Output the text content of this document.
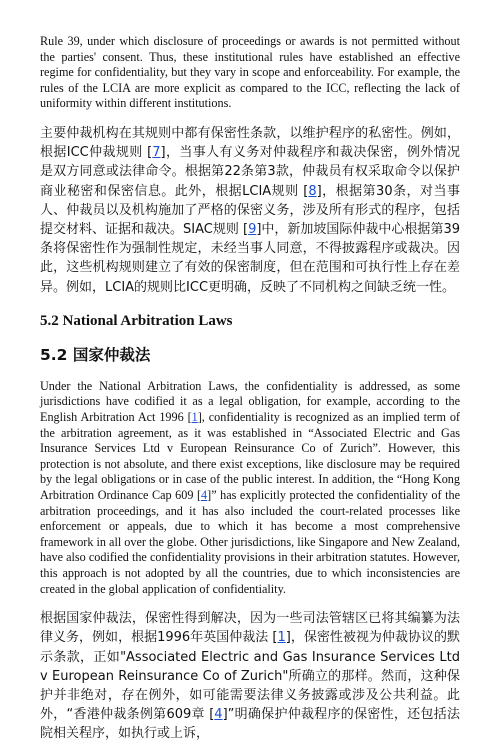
Rule 39, under which disclosure of proceedings or awards is not permitted without the parties' consent. Thus, these institutional rules have established an effective regime for confidentiality, but they vary in scope and enforceability. For example, the rules of the LCIA are more explicit as compared to the ICC, reflecting the lack of uniformity within different institutions.

主要仲裁机构在其规则中都有保密性条款，以维护程序的私密性。例如，根据ICC仲裁规则 [7]，当事人有义务对仲裁程序和裁决保密，例外情况是双方同意或法律命令。根据第22条第3款，仲裁员有权采取命令以保护商业秘密和保密信息。此外，根据LCIA规则 [8]，根据第30条，对当事人、仲裁员以及机构施加了严格的保密义务，涉及所有形式的程序，包括提交材料、证据和裁决。SIAC规则 [9]中，新加坡国际仲裁中心根据第39条将保密性作为强制性规定，未经当事人同意，不得披露程序或裁决。因此，这些机构规则建立了有效的保密制度，但在范围和可执行性上存在差异。例如，LCIA的规则比ICC更明确，反映了不同机构之间缺乏统一性。

5.2 National Arbitration Laws
5.2 国家仲裁法

Under the National Arbitration Laws, the confidentiality is addressed, as some jurisdictions have codified it as a legal obligation, for example, according to the English Arbitration Act 1996 [1], confidentiality is recognized as an implied term of the arbitration agreement, as it was established in “Associated Electric and Gas Insurance Services Ltd v European Reinsurance Co of Zurich”. However, this protection is not absolute, and there exist exceptions, like disclosure may be required by the legal obligations or in case of the public interest. In addition, the “Hong Kong Arbitration Ordinance Cap 609 [4]” has explicitly protected the confidentiality of the arbitration proceedings, and it has also included the court-related processes like enforcement or appeals, due to which it has become a most comprehensive framework in all over the globe. Other jurisdictions, like Singapore and New Zealand, have also codified the confidentiality provisions in their arbitration statutes. However, this approach is not adopted by all the countries, due to which inconsistencies are created in the global application of confidentiality.

根据国家仲裁法，保密性得到解决，因为一些司法管辖区已将其编纂为法律义务，例如，根据1996年英国仲裁法 [1]，保密性被视为仲裁协议的默示条款，正如"Associated Electric and Gas Insurance Services Ltd v European Reinsurance Co of Zurich"所确立的那样。然而，这种保护并非绝对，存在例外，如可能需要法律义务披露或涉及公共利益。此外，“香港仲裁条例第609章 [4]”明确保护仲裁程序的保密性，还包括法院相关程序，如执行或上诉，
